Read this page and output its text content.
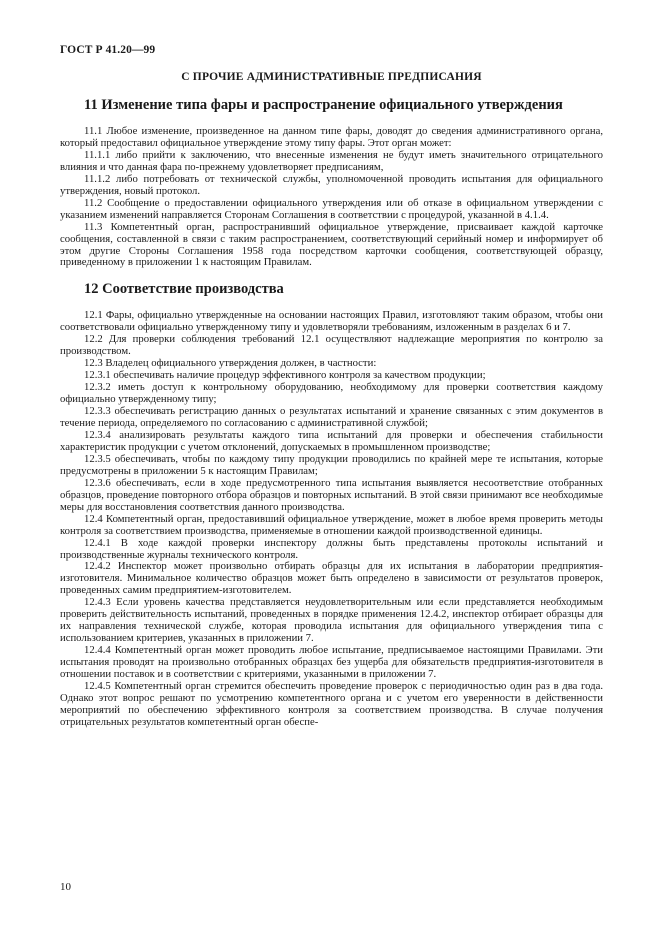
ГОСТ Р 41.20—99
С ПРОЧИЕ АДМИНИСТРАТИВНЫЕ ПРЕДПИСАНИЯ
11 Изменение типа фары и распространение официального утверждения

11.1 Любое изменение, произведенное на данном типе фары, доводят до сведения административного органа, который предоставил официальное утверждение этому типу фары. Этот орган может:

11.1.1 либо прийти к заключению, что внесенные изменения не будут иметь значительного отрицательного влияния и что данная фара по-прежнему удовлетворяет предписаниям,

11.1.2 либо потребовать от технической службы, уполномоченной проводить испытания для официального утверждения, новый протокол.

11.2 Сообщение о предоставлении официального утверждения или об отказе в официальном утверждении с указанием изменений направляется Сторонам Соглашения в соответствии с процедурой, указанной в 4.1.4.

11.3 Компетентный орган, распространивший официальное утверждение, присваивает каждой карточке сообщения, составленной в связи с таким распространением, соответствующий серийный номер и информирует об этом другие Стороны Соглашения 1958 года посредством карточки сообщения, соответствующей образцу, приведенному в приложении 1 к настоящим Правилам.

12 Соответствие производства

12.1 Фары, официально утвержденные на основании настоящих Правил, изготовляют таким образом, чтобы они соответствовали официально утвержденному типу и удовлетворяли требованиям, изложенным в разделах 6 и 7.

12.2 Для проверки соблюдения требований 12.1 осуществляют надлежащие мероприятия по контролю за производством.

12.3 Владелец официального утверждения должен, в частности:

12.3.1 обеспечивать наличие процедур эффективного контроля за качеством продукции;

12.3.2 иметь доступ к контрольному оборудованию, необходимому для проверки соответствия каждому официально утвержденному типу;

12.3.3 обеспечивать регистрацию данных о результатах испытаний и хранение связанных с этим документов в течение периода, определяемого по согласованию с административной службой;

12.3.4 анализировать результаты каждого типа испытаний для проверки и обеспечения стабильности характеристик продукции с учетом отклонений, допускаемых в промышленном производстве;

12.3.5 обеспечивать, чтобы по каждому типу продукции проводились по крайней мере те испытания, которые предусмотрены в приложении 5 к настоящим Правилам;

12.3.6 обеспечивать, если в ходе предусмотренного типа испытания выявляется несоответствие отобранных образцов, проведение повторного отбора образцов и повторных испытаний. В этой связи принимают все необходимые меры для восстановления соответствия данного производства.

12.4 Компетентный орган, предоставивший официальное утверждение, может в любое время проверить методы контроля за соответствием производства, применяемые в отношении каждой производственной единицы.

12.4.1 В ходе каждой проверки инспектору должны быть представлены протоколы испытаний и производственные журналы технического контроля.

12.4.2 Инспектор может произвольно отбирать образцы для их испытания в лаборатории предприятия-изготовителя. Минимальное количество образцов может быть определено в зависимости от результатов проверок, проведенных самим предприятием-изготовителем.

12.4.3 Если уровень качества представляется неудовлетворительным или если представляется необходимым проверить действительность испытаний, проведенных в порядке применения 12.4.2, инспектор отбирает образцы для их направления технической службе, которая проводила испытания для официального утверждения типа с использованием критериев, указанных в приложении 7.

12.4.4 Компетентный орган может проводить любое испытание, предписываемое настоящими Правилами. Эти испытания проводят на произвольно отобранных образцах без ущерба для обязательств предприятия-изготовителя в отношении поставок и в соответствии с критериями, указанными в приложении 7.

12.4.5 Компетентный орган стремится обеспечить проведение проверок с периодичностью один раз в два года. Однако этот вопрос решают по усмотрению компетентного органа и с учетом его уверенности в действенности мероприятий по обеспечению эффективного контроля за соответствием производства. В случае получения отрицательных результатов компетентный орган обеспе-

10
